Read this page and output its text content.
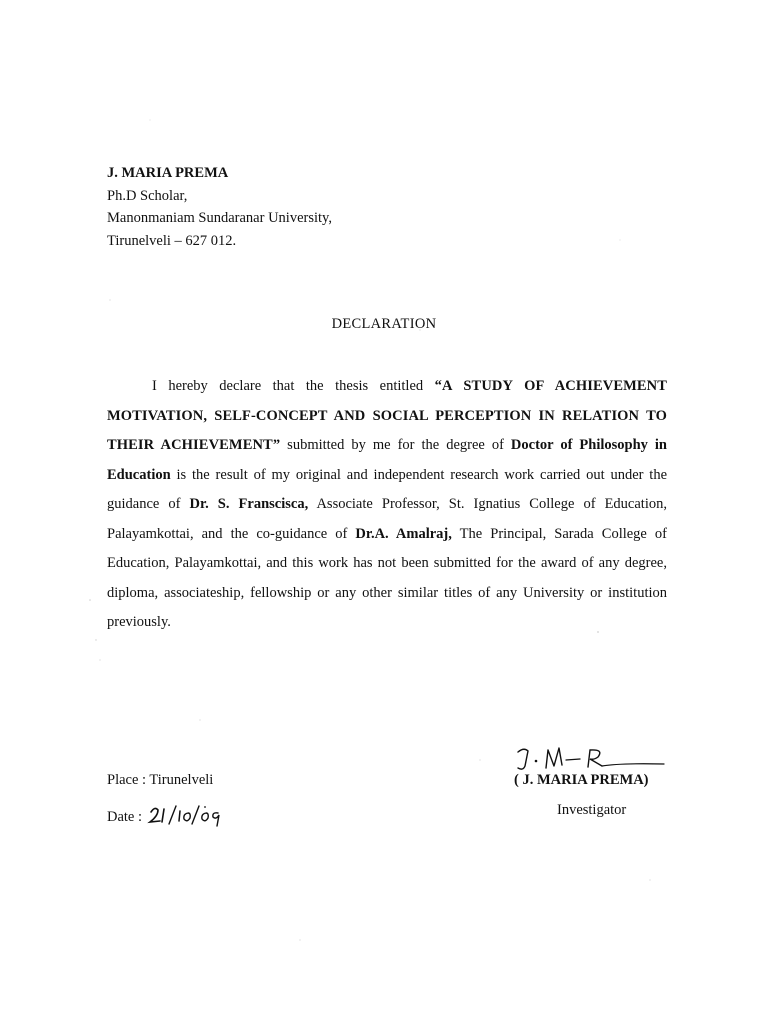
J. MARIA PREMA
Ph.D Scholar,
Manonmaniam Sundaranar University,
Tirunelveli – 627 012.
DECLARATION
I hereby declare that the thesis entitled “A STUDY OF ACHIEVEMENT MOTIVATION, SELF-CONCEPT AND SOCIAL PERCEPTION IN RELATION TO THEIR ACHIEVEMENT” submitted by me for the degree of Doctor of Philosophy in Education is the result of my original and independent research work carried out under the guidance of Dr. S. Franscisca, Associate Professor, St. Ignatius College of Education, Palayamkottai, and the co-guidance of Dr.A. Amalraj, The Principal, Sarada College of Education, Palayamkottai, and this work has not been submitted for the award of any degree, diploma, associateship, fellowship or any other similar titles of any University or institution previously.
Place : Tirunelveli
Date :
( J. MARIA PREMA)
Investigator
